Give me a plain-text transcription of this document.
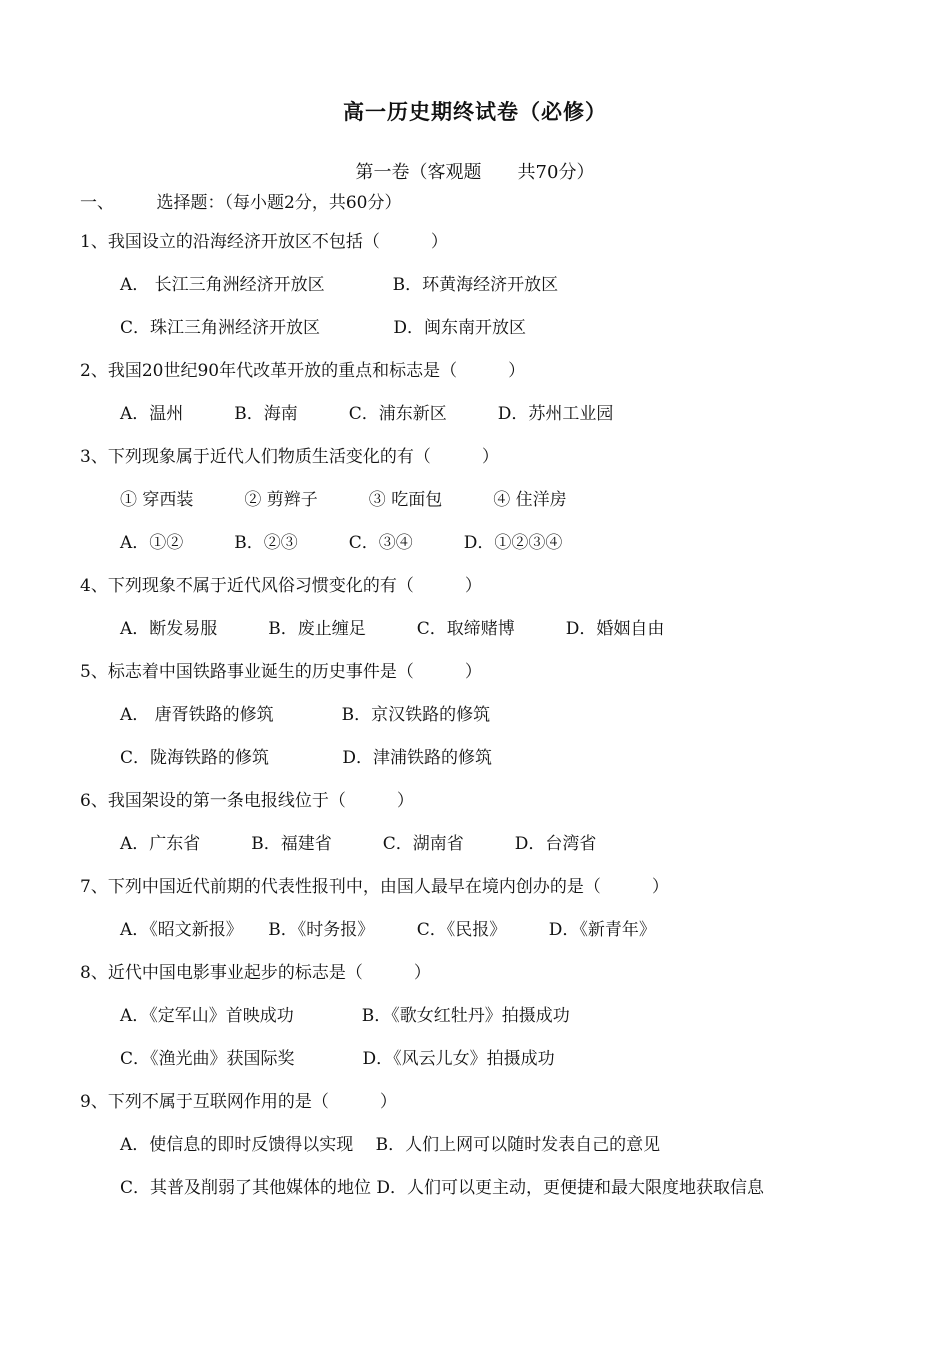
高一历史期终试卷（必修）
第一卷（客观题　　共70分）
一、　　　选择题：（每小题2分，共60分）
1、我国设立的沿海经济开放区不包括（　　　）
A． 长江三角洲经济开放区　　　　B．环黄海经济开放区
C．珠江三角洲经济开放区　　　　 D．闽东南开放区
2、我国20世纪90年代改革开放的重点和标志是（　　　）
A．温州　　　B．海南　　　C．浦东新区　　　D．苏州工业园
3、下列现象属于近代人们物质生活变化的有（　　　）
① 穿西装　　　② 剪辫子　　　③ 吃面包　　　④ 住洋房
A．①②　　　B．②③　　　C．③④　　　D．①②③④
4、下列现象不属于近代风俗习惯变化的有（　　　）
A．断发易服　　　B．废止缠足　　　C．取缔赌博　　　D．婚姻自由
5、标志着中国铁路事业诞生的历史事件是（　　　）
A． 唐胥铁路的修筑　　　　B．京汉铁路的修筑
C．陇海铁路的修筑　　　　 D．津浦铁路的修筑
6、我国架设的第一条电报线位于（　　　）
A．广东省　　　B．福建省　　　C．湖南省　　　D．台湾省
7、下列中国近代前期的代表性报刊中，由国人最早在境内创办的是（　　　）
A．《昭文新报》　　B．《时务报》　　　C．《民报》　　　D．《新青年》
8、近代中国电影事业起步的标志是（　　　）
A．《定军山》首映成功　　　　B．《歌女红牡丹》拍摄成功
C．《渔光曲》获国际奖　　　　D．《风云儿女》拍摄成功
9、下列不属于互联网作用的是（　　　）
A．使信息的即时反馈得以实现　 B．人们上网可以随时发表自己的意见
C．其普及削弱了其他媒体的地位 D．人们可以更主动，更便捷和最大限度地获取信息
